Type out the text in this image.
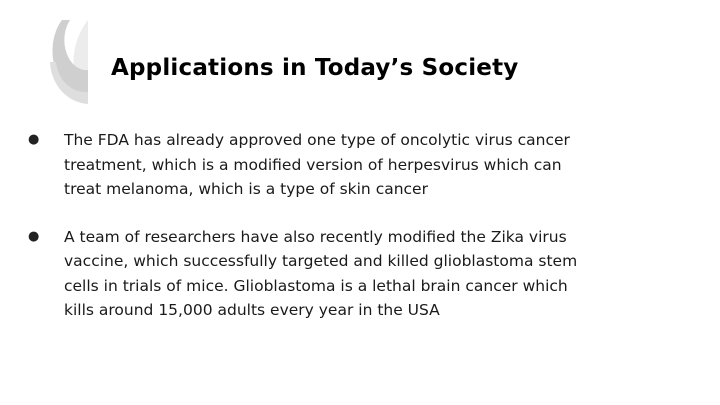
Applications in Today’s Society
● The FDA has already approved one type of oncolytic virus cancer treatment, which is a modified version of herpesvirus which can treat melanoma, which is a type of skin cancer
● A team of researchers have also recently modified the Zika virus vaccine, which successfully targeted and killed glioblastoma stem cells in trials of mice. Glioblastoma is a lethal brain cancer which kills around 15,000 adults every year in the USA
